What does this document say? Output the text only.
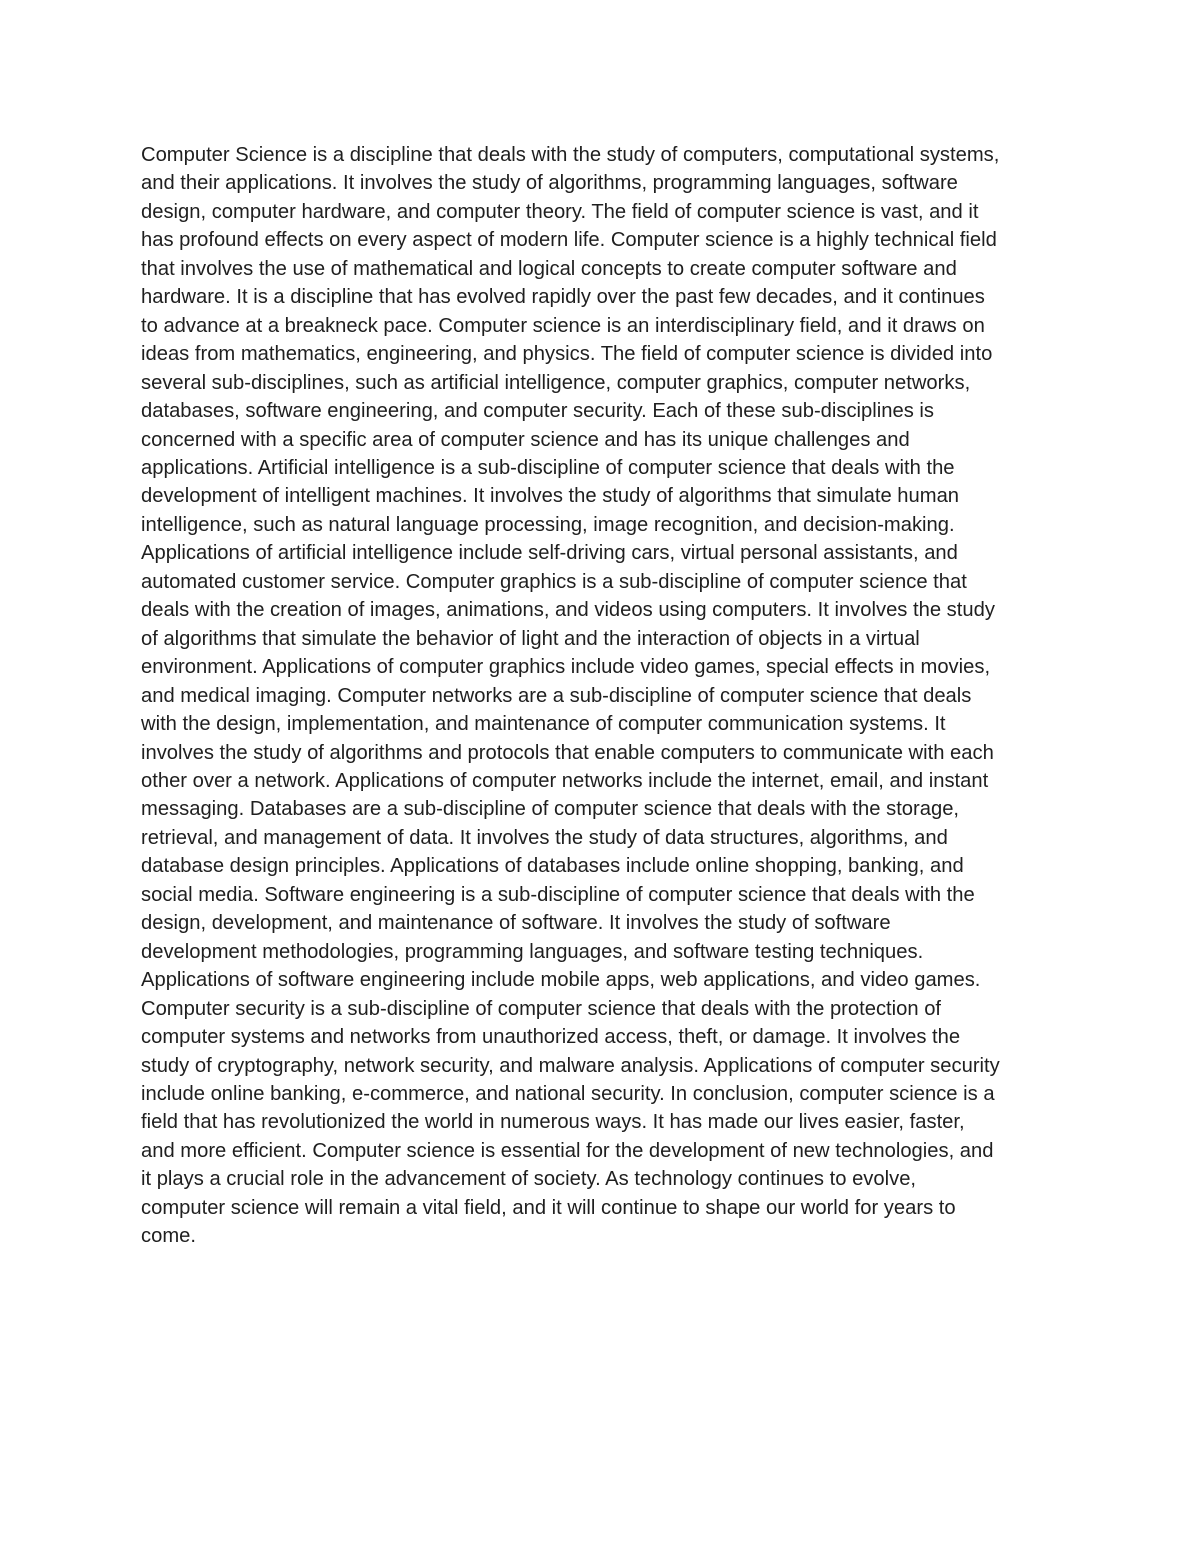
Computer Science is a discipline that deals with the study of computers, computational systems,
and their applications. It involves the study of algorithms, programming languages, software
design, computer hardware, and computer theory. The field of computer science is vast, and it
has profound effects on every aspect of modern life. Computer science is a highly technical field
that involves the use of mathematical and logical concepts to create computer software and
hardware. It is a discipline that has evolved rapidly over the past few decades, and it continues
to advance at a breakneck pace. Computer science is an interdisciplinary field, and it draws on
ideas from mathematics, engineering, and physics. The field of computer science is divided into
several sub-disciplines, such as artificial intelligence, computer graphics, computer networks,
databases, software engineering, and computer security. Each of these sub-disciplines is
concerned with a specific area of computer science and has its unique challenges and
applications. Artificial intelligence is a sub-discipline of computer science that deals with the
development of intelligent machines. It involves the study of algorithms that simulate human
intelligence, such as natural language processing, image recognition, and decision-making.
Applications of artificial intelligence include self-driving cars, virtual personal assistants, and
automated customer service. Computer graphics is a sub-discipline of computer science that
deals with the creation of images, animations, and videos using computers. It involves the study
of algorithms that simulate the behavior of light and the interaction of objects in a virtual
environment. Applications of computer graphics include video games, special effects in movies,
and medical imaging. Computer networks are a sub-discipline of computer science that deals
with the design, implementation, and maintenance of computer communication systems. It
involves the study of algorithms and protocols that enable computers to communicate with each
other over a network. Applications of computer networks include the internet, email, and instant
messaging. Databases are a sub-discipline of computer science that deals with the storage,
retrieval, and management of data. It involves the study of data structures, algorithms, and
database design principles. Applications of databases include online shopping, banking, and
social media. Software engineering is a sub-discipline of computer science that deals with the
design, development, and maintenance of software. It involves the study of software
development methodologies, programming languages, and software testing techniques.
Applications of software engineering include mobile apps, web applications, and video games.
Computer security is a sub-discipline of computer science that deals with the protection of
computer systems and networks from unauthorized access, theft, or damage. It involves the
study of cryptography, network security, and malware analysis. Applications of computer security
include online banking, e-commerce, and national security. In conclusion, computer science is a
field that has revolutionized the world in numerous ways. It has made our lives easier, faster,
and more efficient. Computer science is essential for the development of new technologies, and
it plays a crucial role in the advancement of society. As technology continues to evolve,
computer science will remain a vital field, and it will continue to shape our world for years to
come.
